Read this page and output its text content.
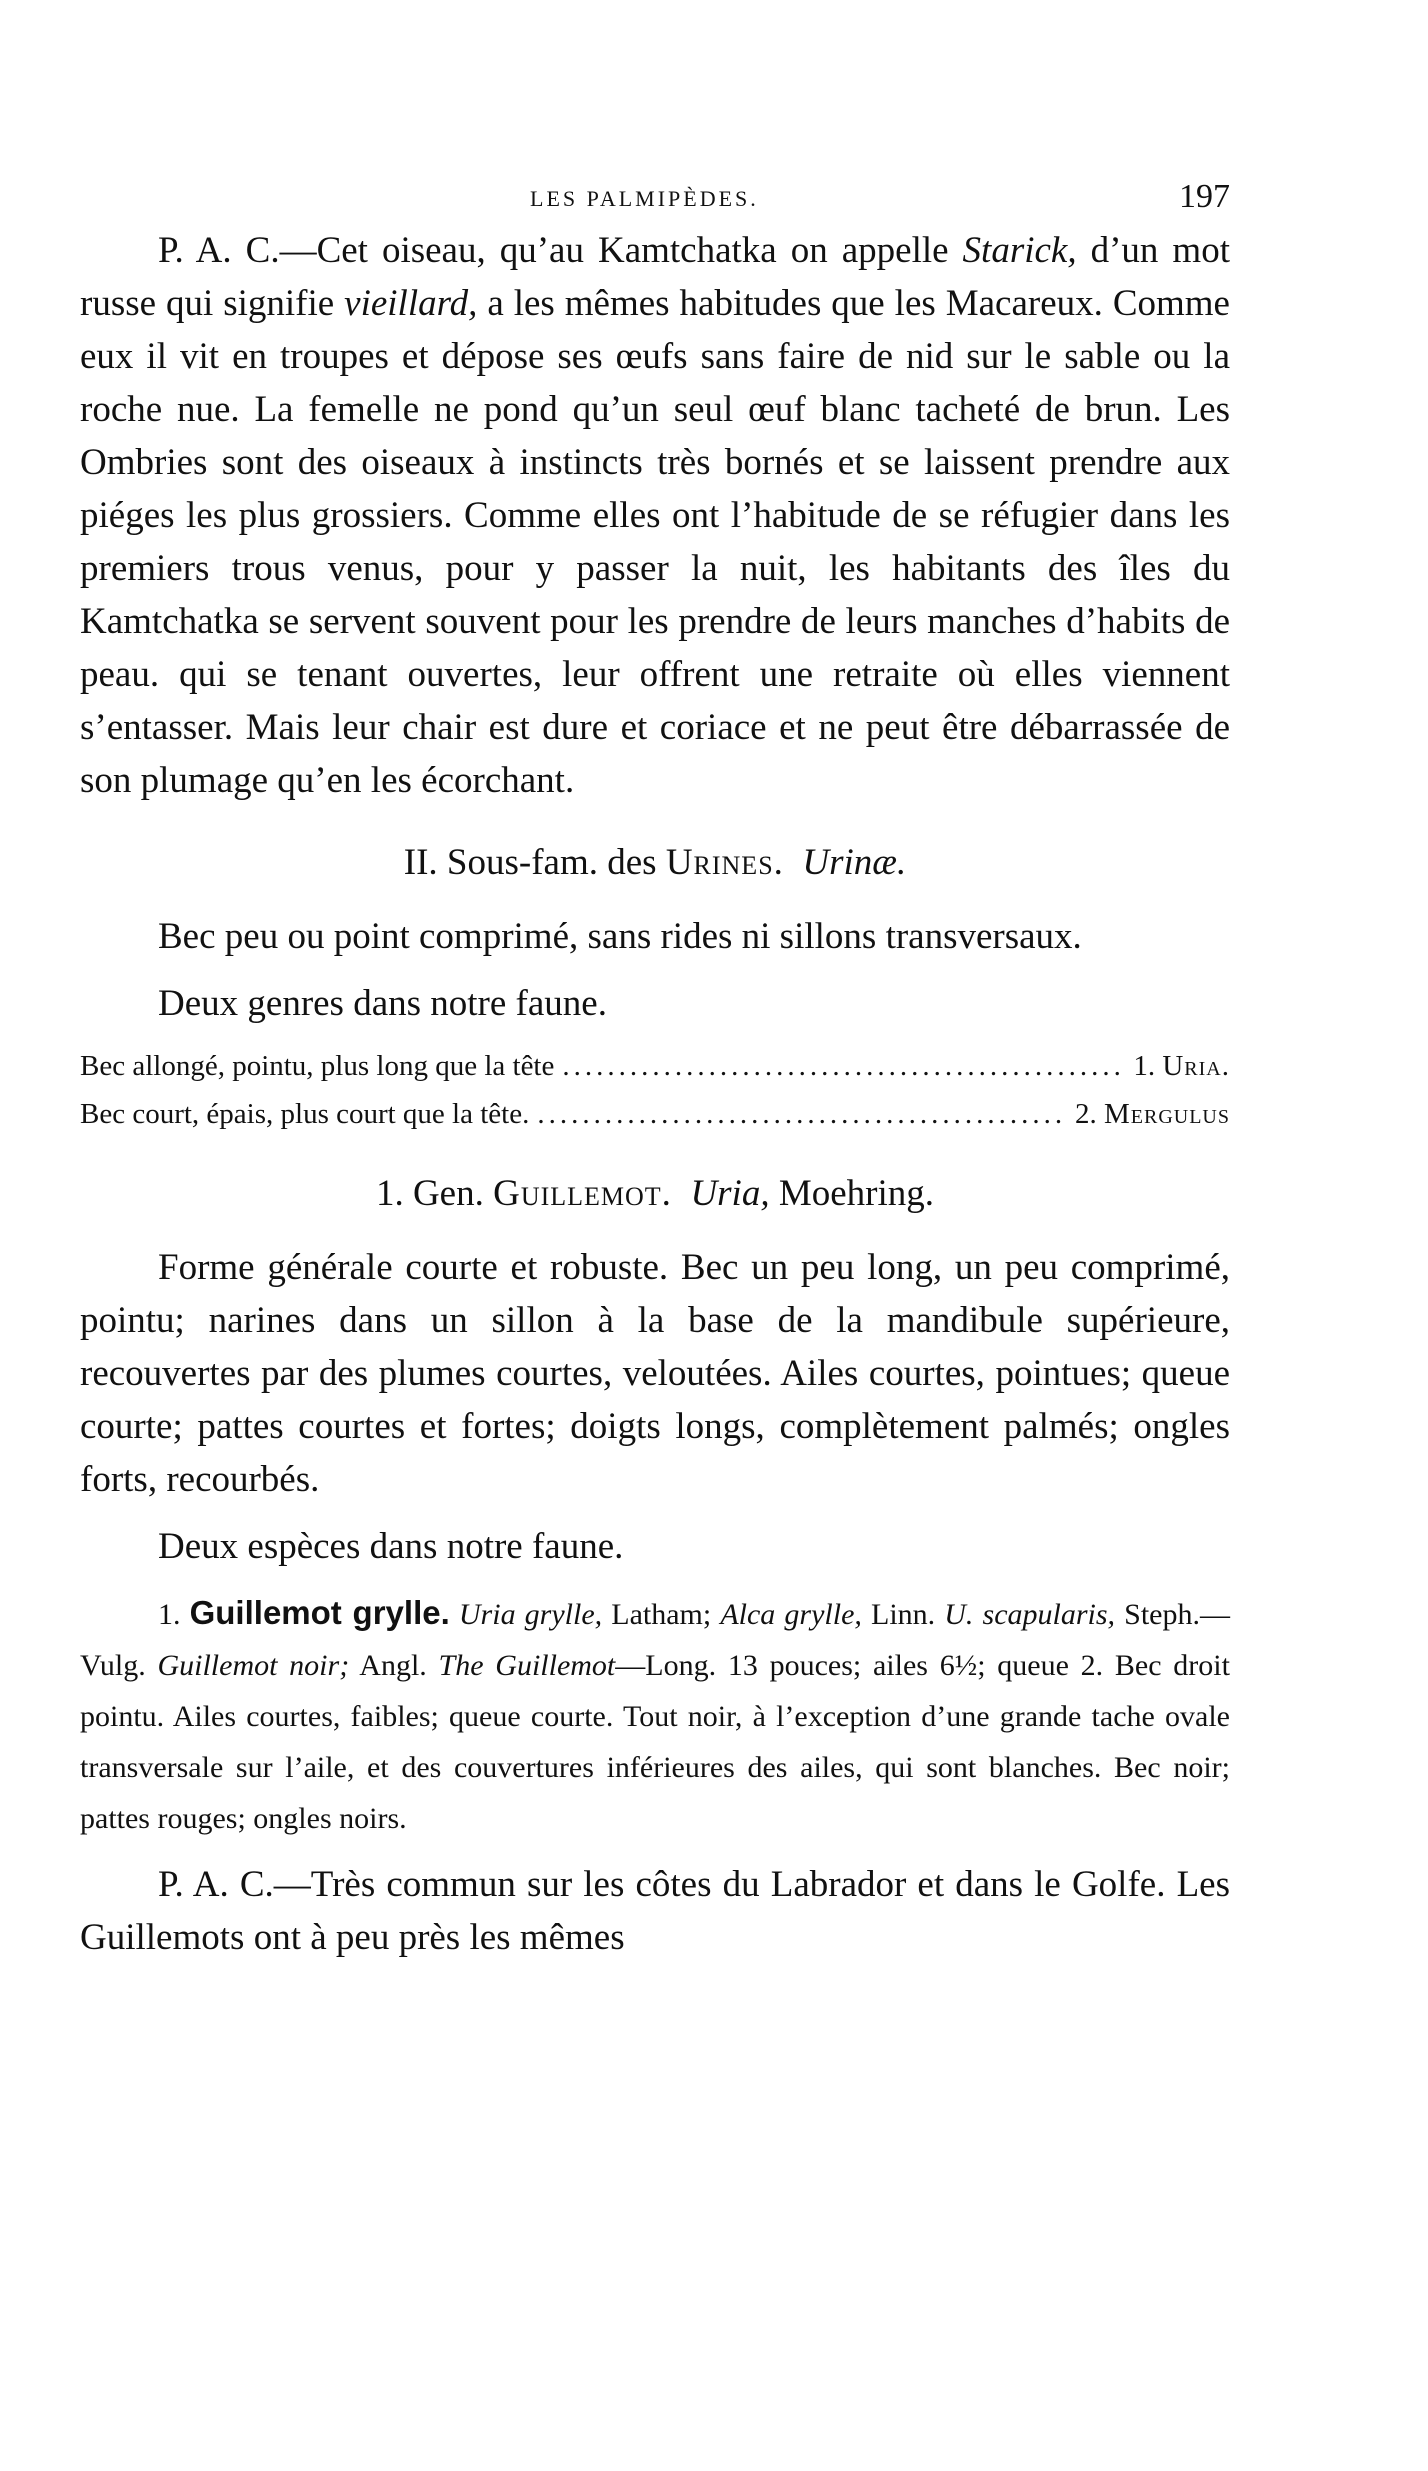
LES PALMIPÈDES.	197

P. A. C.—Cet oiseau, qu’au Kamtchatka on appelle Starick, d’un mot russe qui signifie vieillard, a les mêmes habitudes que les Macareux. Comme eux il vit en troupes et dépose ses œufs sans faire de nid sur le sable ou la roche nue. La femelle ne pond qu’un seul œuf blanc tacheté de brun. Les Ombries sont des oiseaux à instincts très bornés et se laissent prendre aux piéges les plus grossiers. Comme elles ont l’habitude de se réfugier dans les premiers trous venus, pour y passer la nuit, les habitants des îles du Kamtchatka se servent souvent pour les prendre de leurs manches d’habits de peau. qui se tenant ouvertes, leur offrent une retraite où elles viennent s’entasser. Mais leur chair est dure et coriace et ne peut être débarrassée de son plumage qu’en les écorchant.

II. Sous-fam. des Urines. Urinæ.

Bec peu ou point comprimé, sans rides ni sillons transversaux.

Deux genres dans notre faune.

Bec allongé, pointu, plus long que la tête .....	1. Uria.
Bec court, épais, plus court que la tête. .....	2. Mergulus
1. Gen. Guillemot. Uria, Moehring.

Forme générale courte et robuste. Bec un peu long, un peu comprimé, pointu; narines dans un sillon à la base de la mandibule supérieure, recouvertes par des plumes courtes, veloutées. Ailes courtes, pointues; queue courte; pattes courtes et fortes; doigts longs, complètement palmés; ongles forts, recourbés.

Deux espèces dans notre faune.

1. Guillemot grylle. Uria grylle, Latham; Alca grylle, Linn. U. scapularis, Steph.—Vulg. Guillemot noir; Angl. The Guillemot—Long. 13 pouces; ailes 6½; queue 2. Bec droit pointu. Ailes courtes, faibles; queue courte. Tout noir, à l’exception d’une grande tache ovale transversale sur l’aile, et des couvertures inférieures des ailes, qui sont blanches. Bec noir; pattes rouges; ongles noirs.

P. A. C.—Très commun sur les côtes du Labrador et dans le Golfe. Les Guillemots ont à peu près les mêmes
